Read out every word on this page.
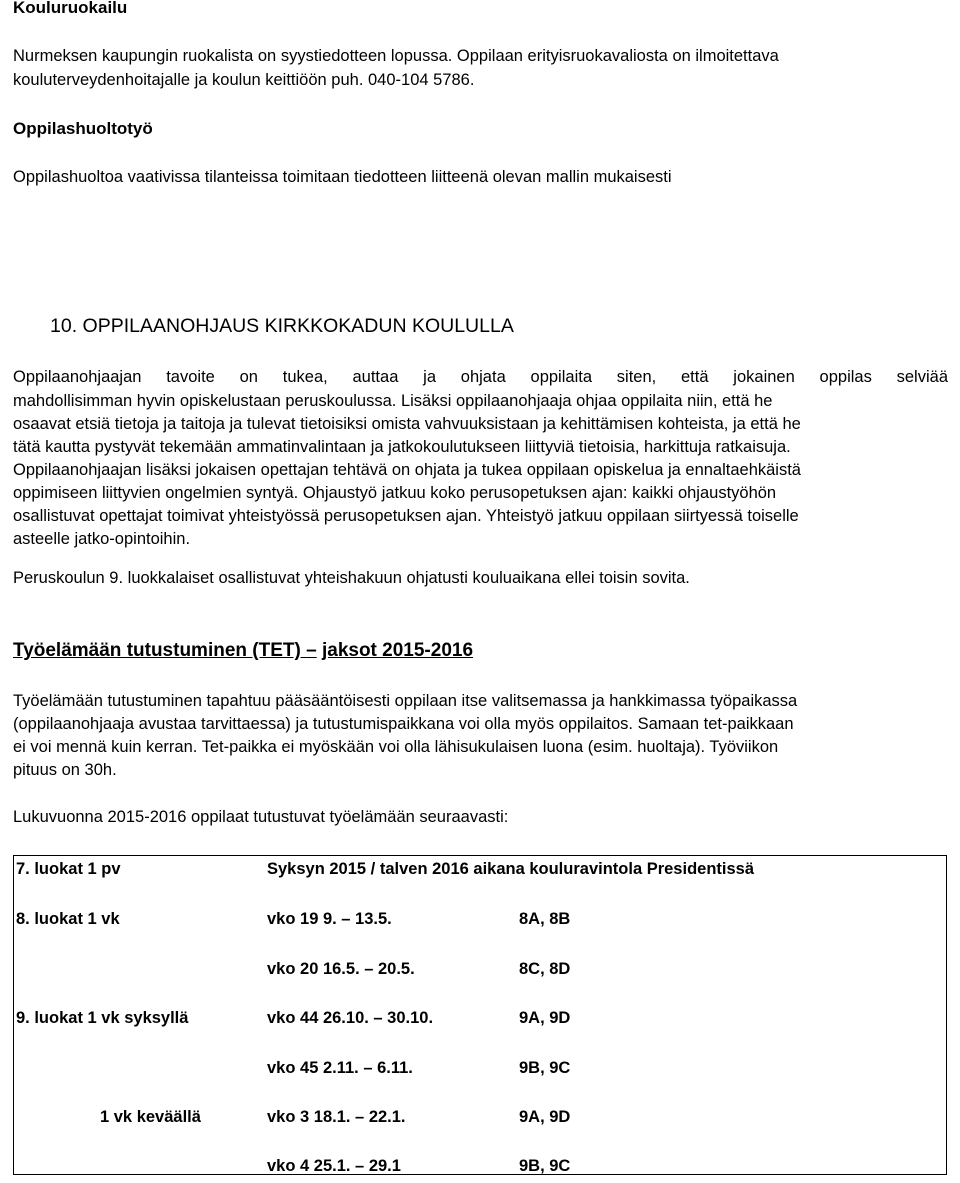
Kouluruokailu
Nurmeksen kaupungin ruokalista on syystiedotteen lopussa. Oppilaan erityisruokavaliosta on ilmoitettava
kouluterveydenhoitajalle ja koulun keittiöön puh. 040-104 5786.
Oppilashuoltotyö
Oppilashuoltoa vaativissa tilanteissa toimitaan tiedotteen liitteenä olevan mallin mukaisesti
10. OPPILAANOHJAUS KIRKKOKADUN KOULULLA
Oppilaanohjaajan tavoite on tukea, auttaa ja ohjata oppilaita siten, että jokainen oppilas selviää
mahdollisimman hyvin opiskelustaan peruskoulussa. Lisäksi oppilaanohjaaja ohjaa oppilaita niin, että he
osaavat etsiä tietoja ja taitoja ja tulevat tietoisiksi omista vahvuuksistaan ja kehittämisen kohteista, ja että he
tätä kautta pystyvät tekemään ammatinvalintaan ja jatkokoulutukseen liittyviä tietoisia, harkittuja ratkaisuja.
Oppilaanohjaajan lisäksi jokaisen opettajan tehtävä on ohjata ja tukea oppilaan opiskelua ja ennaltaehkäistä
oppimiseen liittyvien ongelmien syntyä. Ohjaustyö jatkuu koko perusopetuksen ajan: kaikki ohjaustyöhön
osallistuvat opettajat toimivat yhteistyössä perusopetuksen ajan. Yhteistyö jatkuu oppilaan siirtyessä toiselle
asteelle jatko-opintoihin.
Peruskoulun 9. luokkalaiset osallistuvat yhteishakuun ohjatusti kouluaikana ellei toisin sovita.
Työelämään tutustuminen (TET) – jaksot 2015-2016
Työelämään tutustuminen tapahtuu pääsääntöisesti oppilaan itse valitsemassa ja hankkimassa työpaikassa
(oppilaanohjaaja avustaa tarvittaessa) ja tutustumispaikkana voi olla myös oppilaitos. Samaan tet-paikkaan
ei voi mennä kuin kerran. Tet-paikka ei myöskään voi olla lähisukulaisen luona (esim. huoltaja). Työviikon
pituus on 30h.
Lukuvuonna 2015-2016 oppilaat tutustuvat työelämään seuraavasti:
7. luokat 1 pv	Syksyn 2015 / talven 2016 aikana kouluravintola Presidentissä
8. luokat 1 vk	vko 19 9. – 13.5.	8A, 8B
vko 20 16.5. – 20.5.	8C, 8D
9. luokat 1 vk syksyllä	vko 44 26.10. – 30.10.	9A, 9D
vko 45 2.11. – 6.11.	9B, 9C
1 vk keväällä	vko 3 18.1. – 22.1.	9A, 9D
vko 4 25.1. – 29.1	9B, 9C
